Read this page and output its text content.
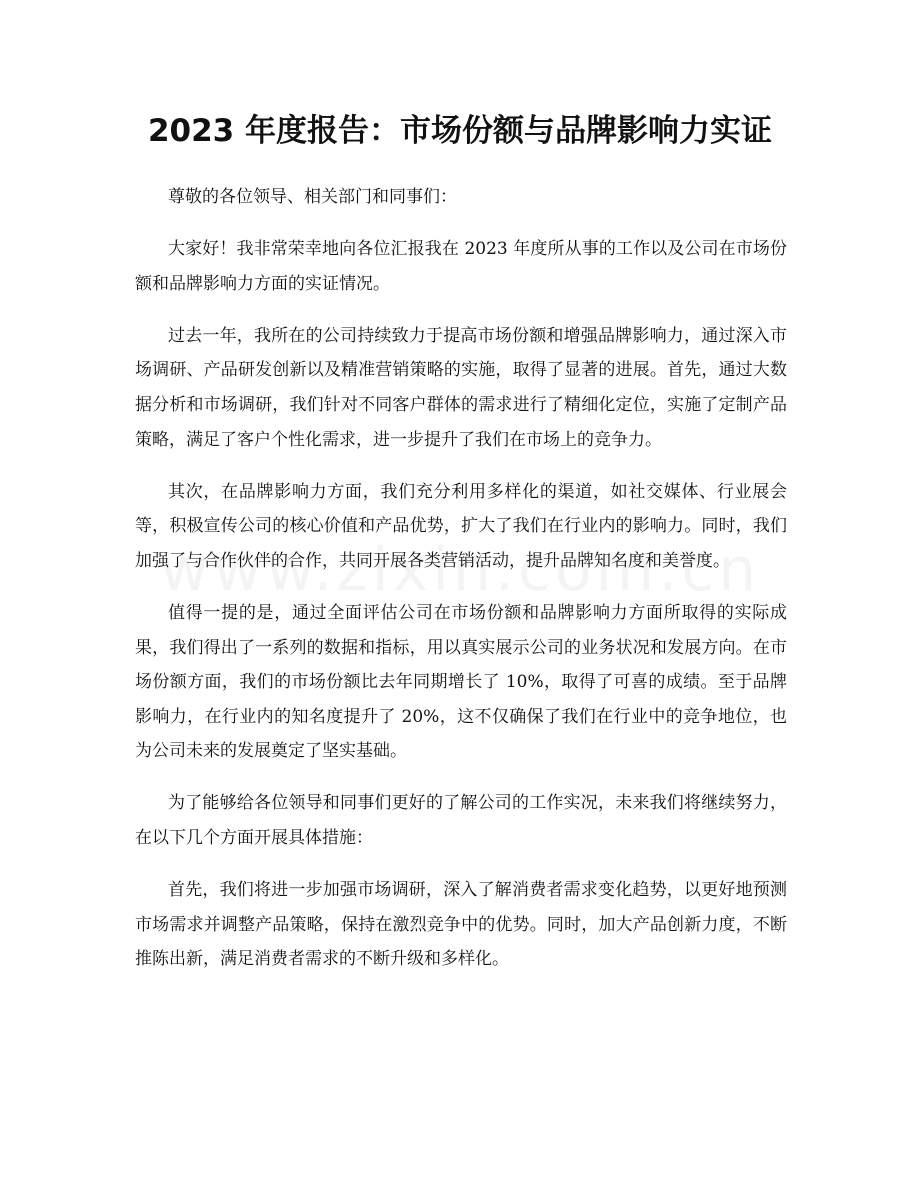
2023 年度报告：市场份额与品牌影响力实证

尊敬的各位领导、相关部门和同事们：

大家好！我非常荣幸地向各位汇报我在 2023 年度所从事的工作以及公司在市场份额和品牌影响力方面的实证情况。

过去一年，我所在的公司持续致力于提高市场份额和增强品牌影响力，通过深入市场调研、产品研发创新以及精准营销策略的实施，取得了显著的进展。首先，通过大数据分析和市场调研，我们针对不同客户群体的需求进行了精细化定位，实施了定制产品策略，满足了客户个性化需求，进一步提升了我们在市场上的竞争力。

其次，在品牌影响力方面，我们充分利用多样化的渠道，如社交媒体、行业展会等，积极宣传公司的核心价值和产品优势，扩大了我们在行业内的影响力。同时，我们加强了与合作伙伴的合作，共同开展各类营销活动，提升品牌知名度和美誉度。

值得一提的是，通过全面评估公司在市场份额和品牌影响力方面所取得的实际成果，我们得出了一系列的数据和指标，用以真实展示公司的业务状况和发展方向。在市场份额方面，我们的市场份额比去年同期增长了 10%，取得了可喜的成绩。至于品牌影响力，在行业内的知名度提升了 20%，这不仅确保了我们在行业中的竞争地位，也为公司未来的发展奠定了坚实基础。

为了能够给各位领导和同事们更好的了解公司的工作实况，未来我们将继续努力，在以下几个方面开展具体措施：

首先，我们将进一步加强市场调研，深入了解消费者需求变化趋势，以更好地预测市场需求并调整产品策略，保持在激烈竞争中的优势。同时，加大产品创新力度，不断推陈出新，满足消费者需求的不断升级和多样化。
